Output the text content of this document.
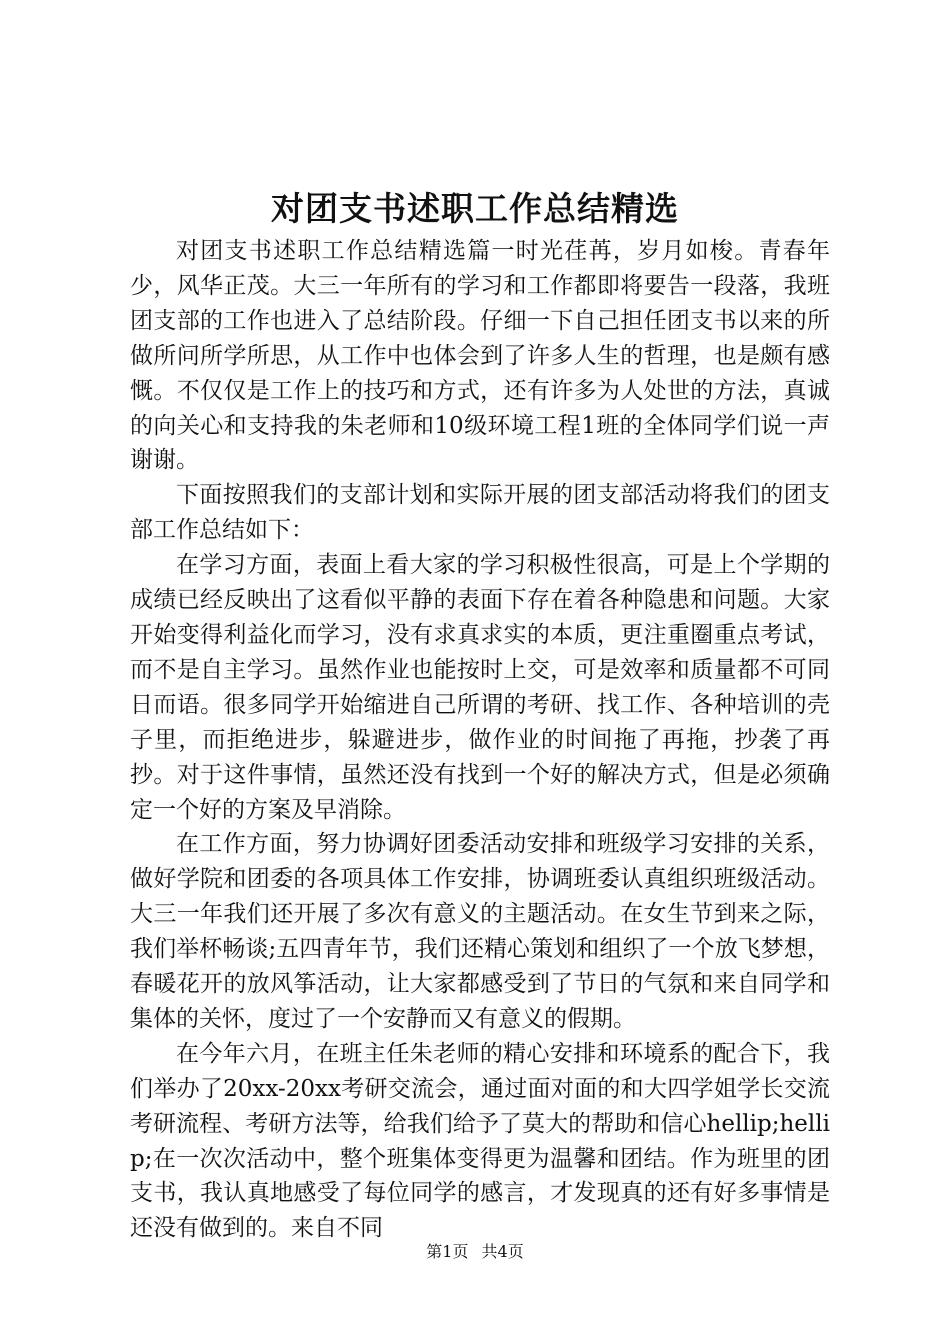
对团支书述职工作总结精选

对团支书述职工作总结精选篇一时光荏苒，岁月如梭。青春年少，风华正茂。大三一年所有的学习和工作都即将要告一段落，我班团支部的工作也进入了总结阶段。仔细一下自己担任团支书以来的所做所问所学所思，从工作中也体会到了许多人生的哲理，也是颇有感慨。不仅仅是工作上的技巧和方式，还有许多为人处世的方法，真诚的向关心和支持我的朱老师和10级环境工程1班的全体同学们说一声谢谢。

下面按照我们的支部计划和实际开展的团支部活动将我们的团支部工作总结如下：

在学习方面，表面上看大家的学习积极性很高，可是上个学期的成绩已经反映出了这看似平静的表面下存在着各种隐患和问题。大家开始变得利益化而学习，没有求真求实的本质，更注重圈重点考试，而不是自主学习。虽然作业也能按时上交，可是效率和质量都不可同日而语。很多同学开始缩进自己所谓的考研、找工作、各种培训的壳子里，而拒绝进步，躲避进步，做作业的时间拖了再拖，抄袭了再抄。对于这件事情，虽然还没有找到一个好的解决方式，但是必须确定一个好的方案及早消除。

在工作方面，努力协调好团委活动安排和班级学习安排的关系，做好学院和团委的各项具体工作安排，协调班委认真组织班级活动。大三一年我们还开展了多次有意义的主题活动。在女生节到来之际，我们举杯畅谈;五四青年节，我们还精心策划和组织了一个放飞梦想，春暖花开的放风筝活动，让大家都感受到了节日的气氛和来自同学和集体的关怀，度过了一个安静而又有意义的假期。

在今年六月，在班主任朱老师的精心安排和环境系的配合下，我们举办了20xx-20xx考研交流会，通过面对面的和大四学姐学长交流考研流程、考研方法等，给我们给予了莫大的帮助和信心hellip;hellip;在一次次活动中，整个班集体变得更为温馨和团结。作为班里的团支书，我认真地感受了每位同学的感言，才发现真的还有好多事情是还没有做到的。来自不同

第1页 共4页
